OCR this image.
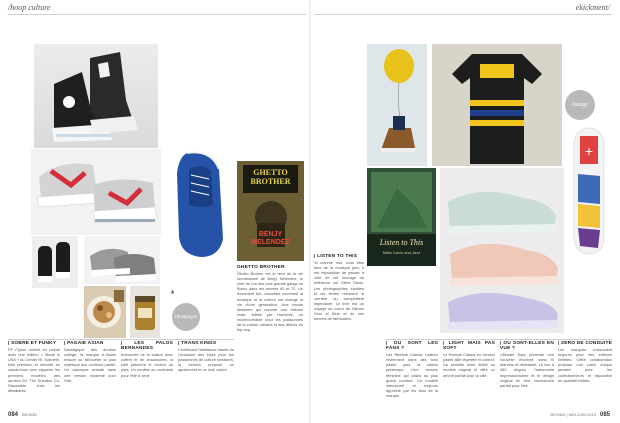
/hoop culture	ekickment/
4
champagne
GHETTO
BROTHER
BENJY
MELENDEZ
GHETTO BROTHER
Ghetto Brother est le récit de la vie tumultueuse de Benjy Melendez, le chef de l'un des plus grands gangs du Bronx dans les années 60 et 70. Un document fort, racontant comment la musique et la culture ont changé la vie d'une génération. Une bande dessinée qui raconte une histoire vraie, éditée par Hachette, un incontournable pour les passionnés de la culture urbaine et des débuts du hip-hop.
| SOBRE ET FUNKY
PF Flyers revient en pointe avec une édition « Made in USA » du Center Hi. Sobriété, toile premium et semelle en caoutchouc pour rappeler les premiers modèles des années 50. The Sneaker Co. Disponible chez les détaillants.
| PAGAIE ASIAN
Nostalgique des années collège, la marque K-Swiss ressort sa silhouette la plus mythique aux couleurs pastel. Un classique revisité dans une version moderne pour l'été.
| LES PALOS BERNANDES
Annoncée de la saison avec coffret et de chaussures, la toile préserve le confort du pied. Un modèle au contraste pour l'été à venir.
| TRANS KINGS
Combinant l'ambiance bande de l'occasion des kicks pour les passionnés de culture sneakers, la version propose un ajustement et un look coloré.
lounge
Listen to This
Miles Davis and Jazz
+
| LISTEN TO THIS
Si comme moi, vous êtes fans de la musique jazz, il est impossible de passer à côté de cet ouvrage de référence sur Miles Davis. Les photographies inédites et les textes retracent la carrière du trompettiste légendaire. Le livre est un voyage au coeur de l'album Kind of Blue et de ses secrets de fabrication.
| OÙ SONT LES FANS ?
Les Reebok Classic Leather reviennent dans des tons pastel pour la saison printemps. Une version féminine qui plaira au plus grand nombre. Un modèle intemporel et toujours apprécié par les fans de la marque.
| LIGHT MAIS PAS SOFT
Le Reebok Classic en version pastel allie légèreté et confort. Sa semelle reste fidèle au modèle original et offre un amorti parfait pour la ville.
| OÙ SONT-ELLES EN VUE ?
Ultimate Ears présente une nouvelle enceinte sans fil étanche et résistante. Le son à 360 degrés, l'autonomie impressionnante et le design original en font l'accessoire parfait pour l'été.
| ZÉRO DE CONDUITE
Les marques s'associent toujours pour des éditions limitées. Cette collaboration propose une paire unique pensée pour les collectionneurs et disponible en quantité limitée.
084 BEHIND	BEHIND | MAI-JUIN 2015 085
